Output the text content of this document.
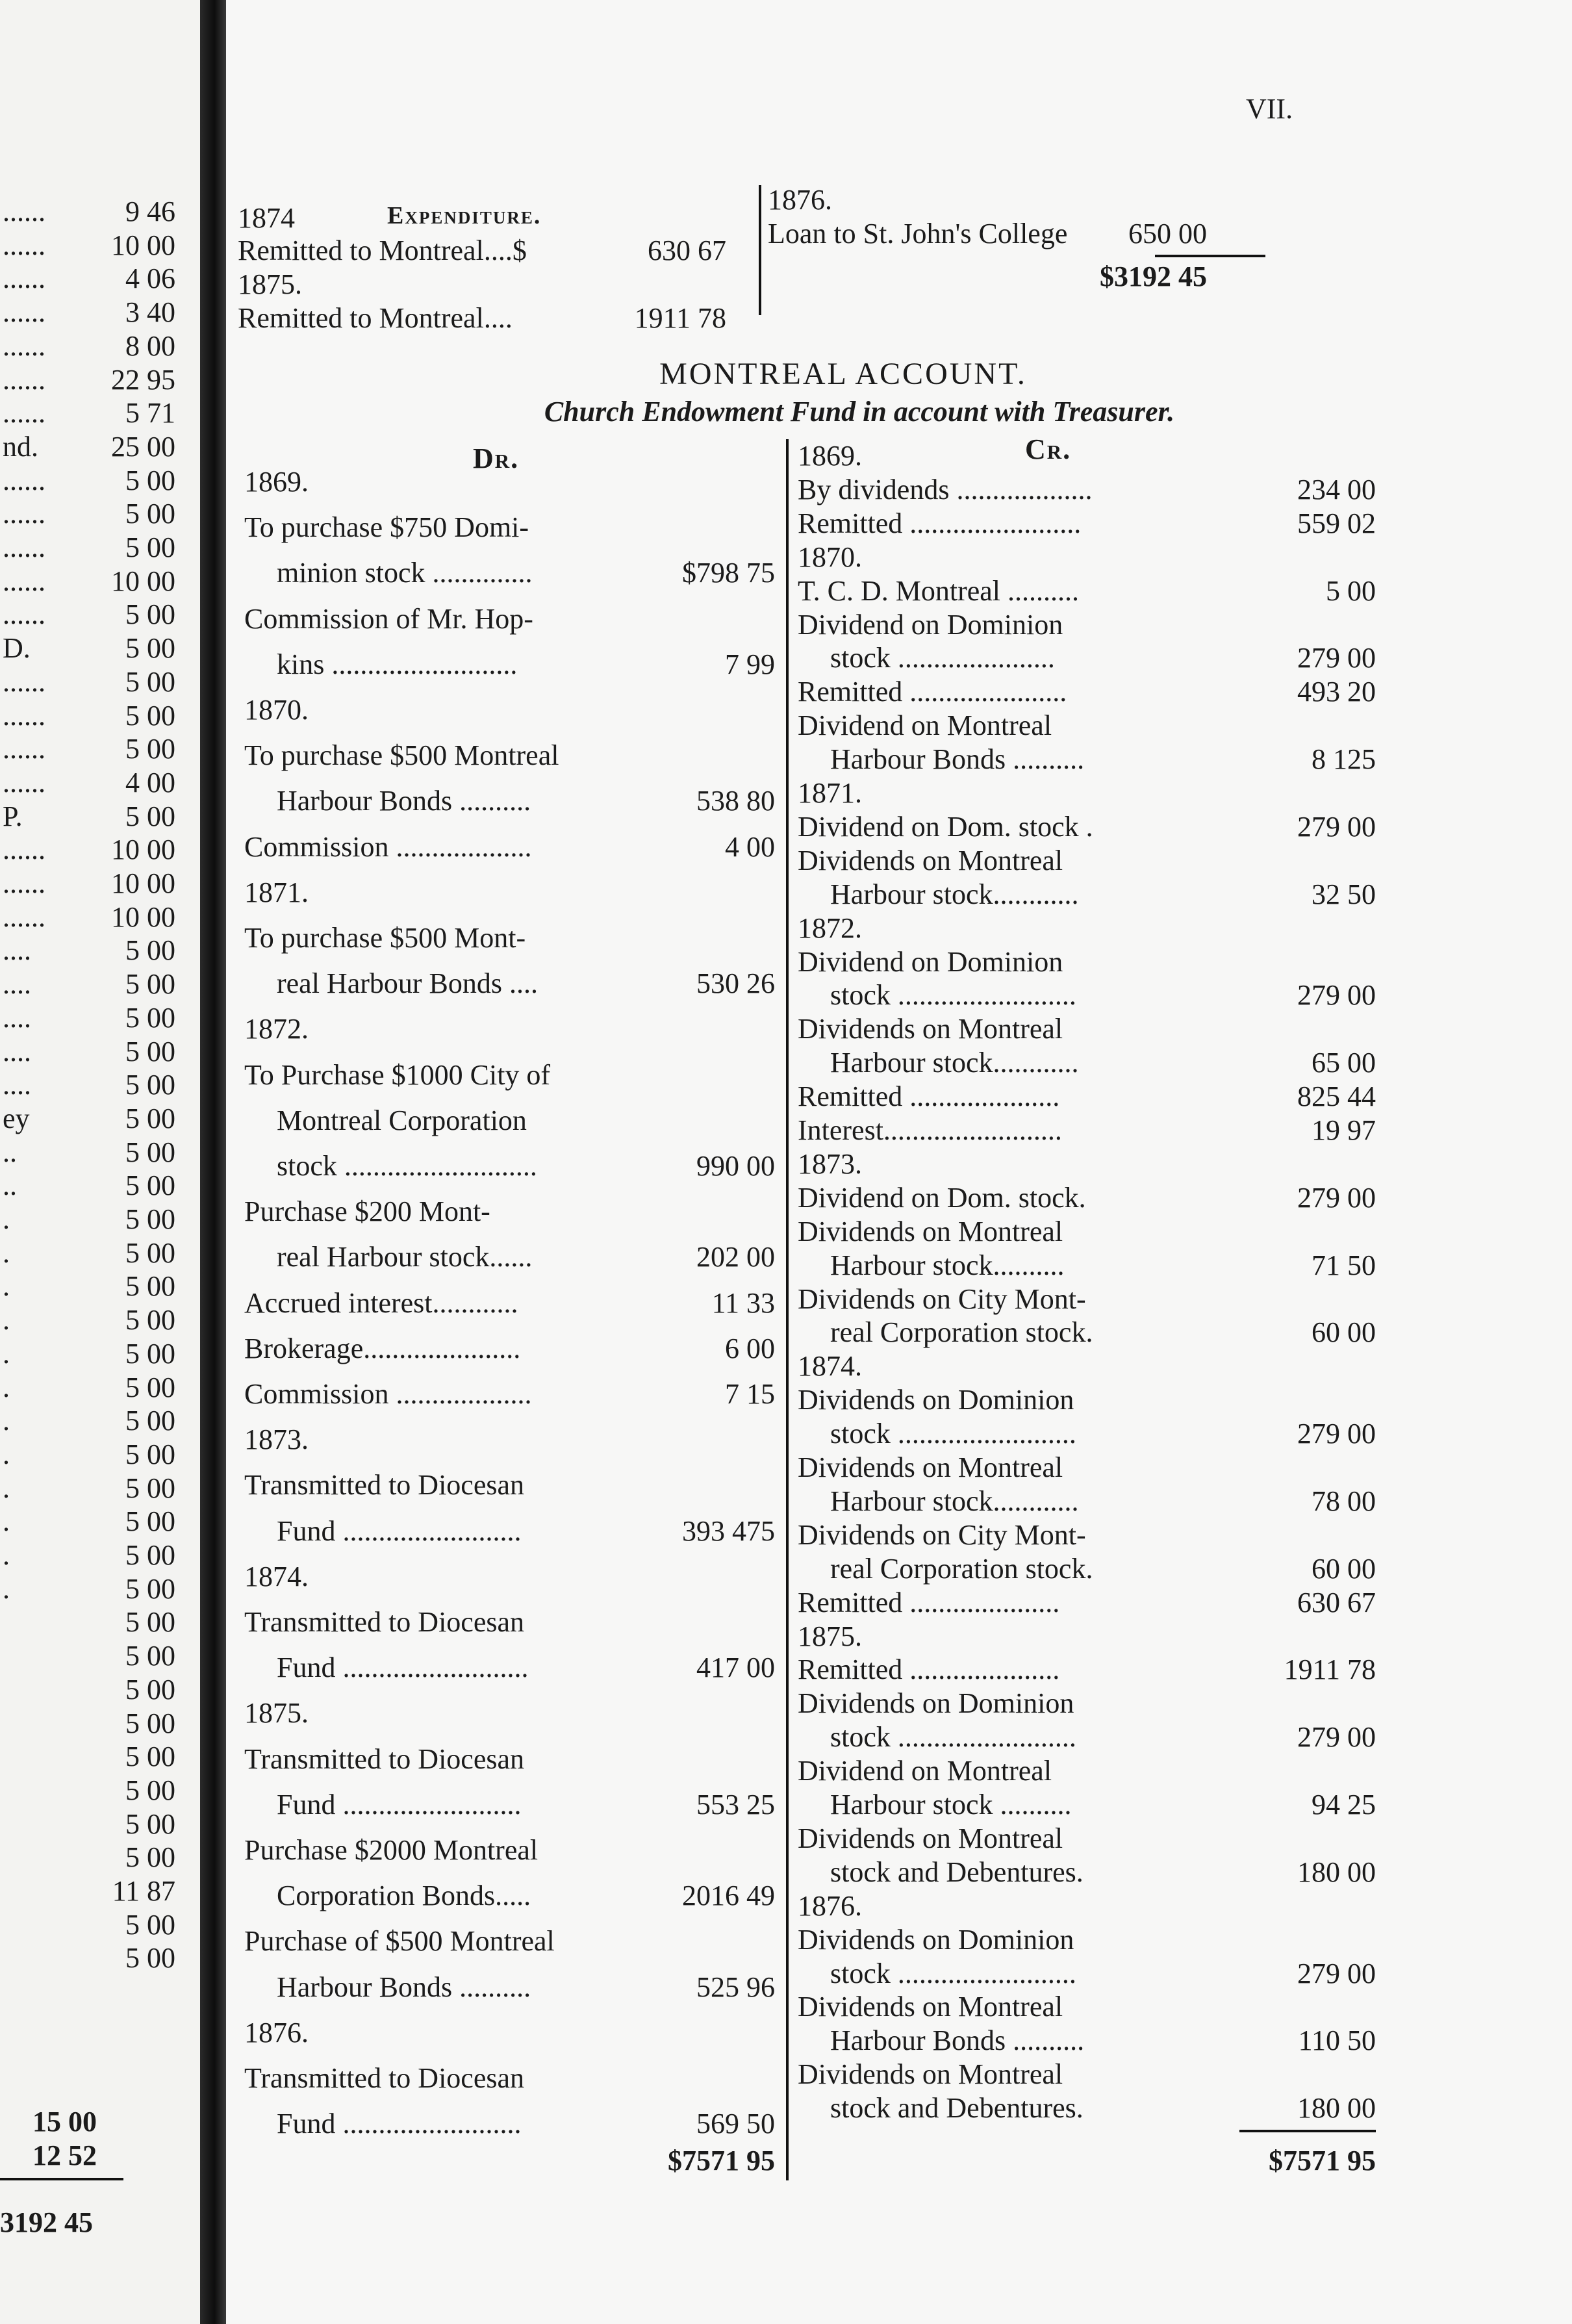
......	9 46
...... 10 00
......	4 06
......	3 40
......	8 00
...... 22 95
......	5 71
nd.	25 00
......	5 00
......	5 00
......	5 00
...... 10 00
......	5 00
D.	5 00
......	5 00
......	5 00
......	5 00
......	4 00
P.	5 00
...... 10 00
...... 10 00
...... 10 00
....	5 00
....	5 00
....	5 00
....	5 00
....	5 00
ey	5 00
..	5 00
..	5 00
.	5 00
.	5 00
.	5 00
.	5 00
.	5 00
.	5 00
.	5 00
.	5 00
.	5 00
.	5 00
.	5 00
.	5 00
5 00
5 00
5 00
5 00
5 00
5 00
5 00
5 00
11 87
5 00
5 00
15 00
12 52
3192 45
VII.
1874	Expenditure.
Remitted to Montreal....$	630 67
1875.
Remitted to Montreal....	1911 78
1876.
Loan to St. John's College	650 00
$3192 45
MONTREAL ACCOUNT.
Church Endowment Fund in account with Treasurer.
Dr.	Cr.
1869.
To purchase $750 Domi-
minion stock ..............	$798 75
Commission of Mr. Hop-
kins ..........................	7 99
1870.
To purchase $500 Montreal
Harbour Bonds ..........	538 80
Commission ...................	4 00
1871.
To purchase $500 Mont-
real Harbour Bonds ....	530 26
1872.
To Purchase $1000 City of
Montreal Corporation
stock ...........................	990 00
Purchase $200 Mont-
real Harbour stock......	202 00
Accrued interest............	11 33
Brokerage......................	6 00
Commission ...................	7 15
1873.
Transmitted to Diocesan
Fund .........................	393 475
1874.
Transmitted to Diocesan
Fund ..........................	417 00
1875.
Transmitted to Diocesan
Fund .........................	553 25
Purchase $2000 Montreal
Corporation Bonds.....	2016 49
Purchase of $500 Montreal
Harbour Bonds ..........	525 96
1876.
Transmitted to Diocesan
Fund .........................	569 50
1869.
By dividends ...................	234 00
Remitted ........................	559 02
1870.
T. C. D. Montreal ..........	5 00
Dividend on Dominion
stock ......................	279 00
Remitted ......................	493 20
Dividend on Montreal
Harbour Bonds ..........	8 125
1871.
Dividend on Dom. stock .	279 00
Dividends on Montreal
Harbour stock............	32 50
1872.
Dividend on Dominion
stock .........................	279 00
Dividends on Montreal
Harbour stock............	65 00
Remitted .....................	825 44
Interest.........................	19 97
1873.
Dividend on Dom. stock.	279 00
Dividends on Montreal
Harbour stock..........	71 50
Dividends on City Mont-
real Corporation stock.	60 00
1874.
Dividends on Dominion
stock .........................	279 00
Dividends on Montreal
Harbour stock............	78 00
Dividends on City Mont-
real Corporation stock.	60 00
Remitted .....................	630 67
1875.
Remitted .....................	1911 78
Dividends on Dominion
stock .........................	279 00
Dividend on Montreal
Harbour stock ..........	94 25
Dividends on Montreal
stock and Debentures.	180 00
1876.
Dividends on Dominion
stock .........................	279 00
Dividends on Montreal
Harbour Bonds ..........	110 50
Dividends on Montreal
stock and Debentures.	180 00
$7571 95	$7571 95
